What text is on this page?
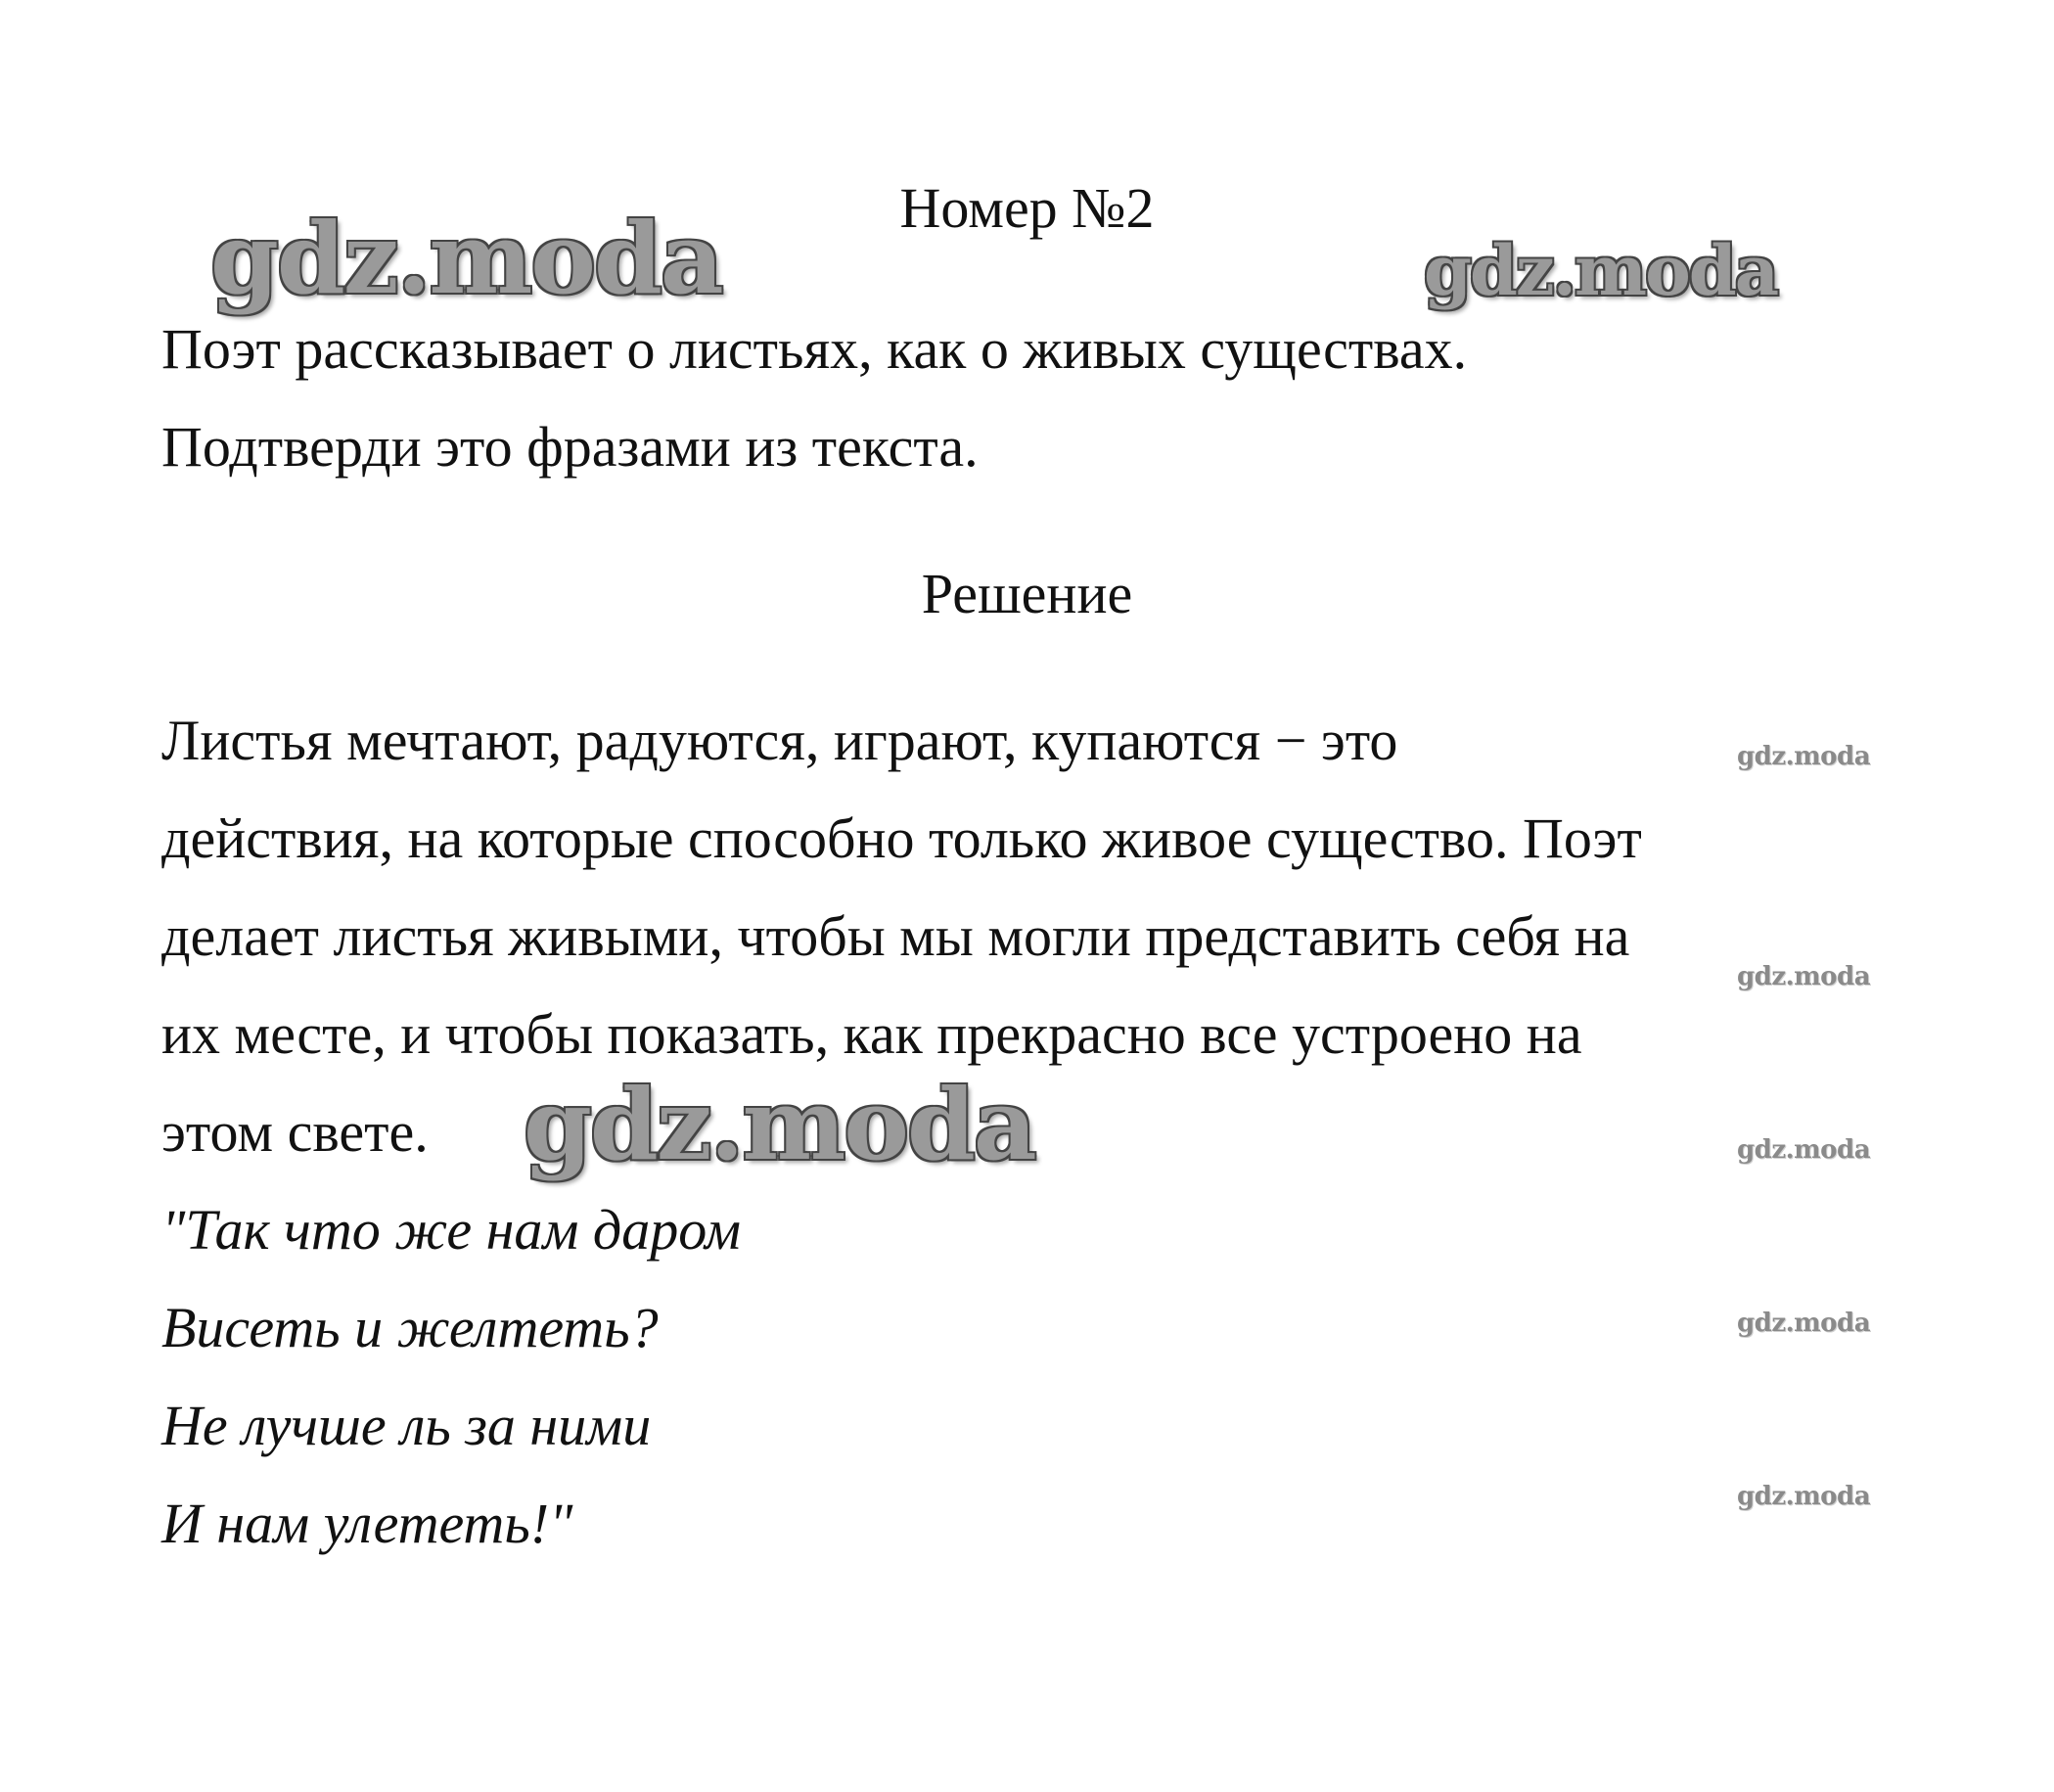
gdz.moda	gdz.moda
gdz.moda
gdz.moda
gdz.moda
gdz.moda
gdz.moda
gdz.moda
Номер №2
Поэт рассказывает о листьях, как о живых существах.
Подтверди это фразами из текста.
Решение
Листья мечтают, радуются, играют, купаются − это
действия, на которые способно только живое существо. Поэт
делает листья живыми, чтобы мы могли представить себя на
их месте, и чтобы показать, как прекрасно все устроено на
этом свете.
"Так что же нам даром
Висеть и желтеть?
Не лучше ль за ними
И нам улететь!"
